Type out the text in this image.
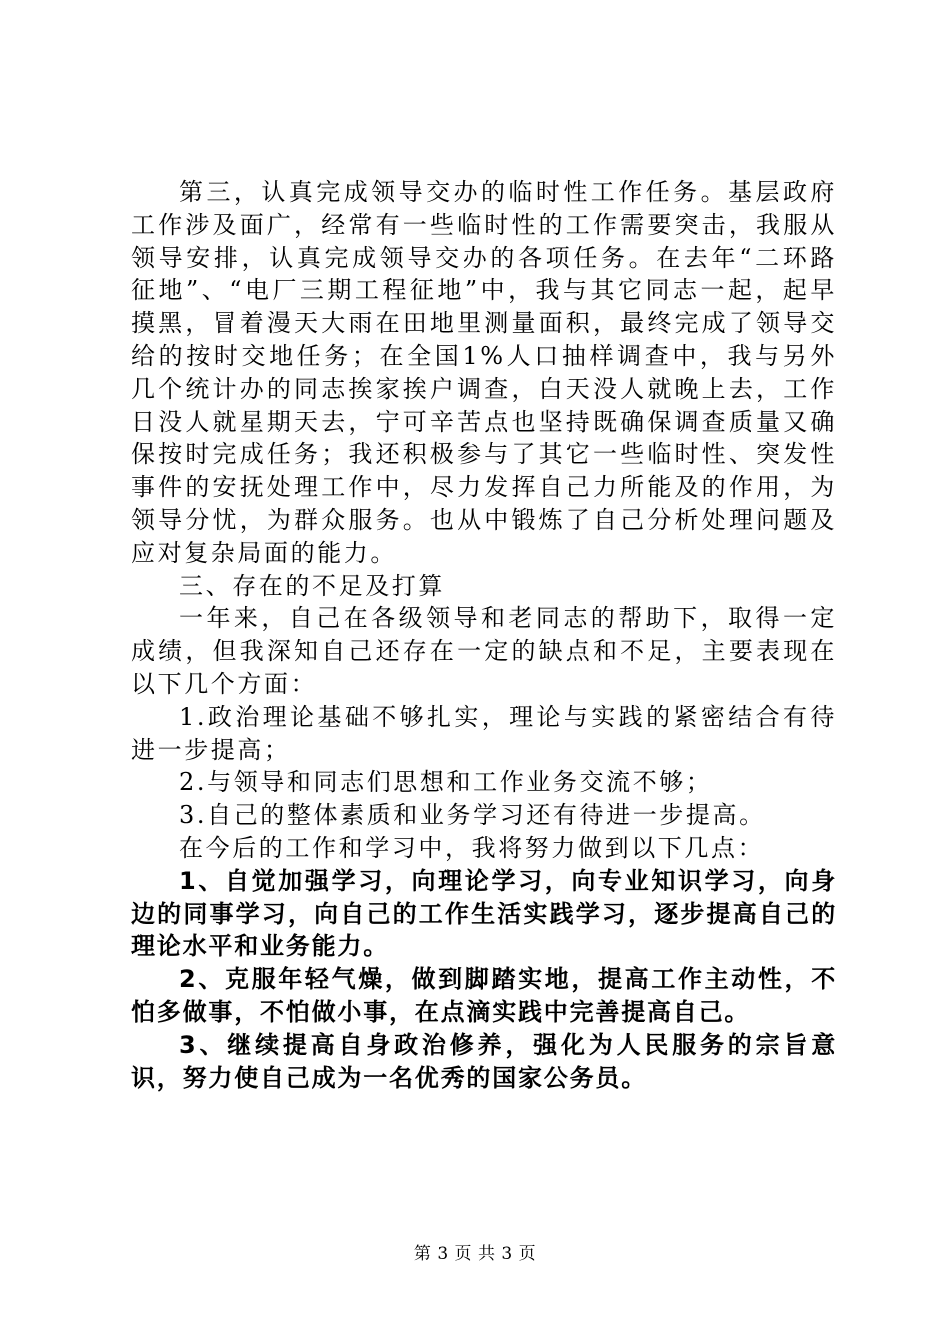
第三，认真完成领导交办的临时性工作任务。基层政府工作涉及面广，经常有一些临时性的工作需要突击，我服从领导安排，认真完成领导交办的各项任务。在去年“二环路征地”、“电厂三期工程征地”中，我与其它同志一起，起早摸黑，冒着漫天大雨在田地里测量面积，最终完成了领导交给的按时交地任务；在全国1%人口抽样调查中，我与另外几个统计办的同志挨家挨户调查，白天没人就晚上去，工作日没人就星期天去，宁可辛苦点也坚持既确保调查质量又确保按时完成任务；我还积极参与了其它一些临时性、突发性事件的安抚处理工作中，尽力发挥自己力所能及的作用，为领导分忧，为群众服务。也从中锻炼了自己分析处理问题及应对复杂局面的能力。

三、存在的不足及打算

一年来，自己在各级领导和老同志的帮助下，取得一定成绩，但我深知自己还存在一定的缺点和不足，主要表现在以下几个方面：

1.政治理论基础不够扎实，理论与实践的紧密结合有待进一步提高；

2.与领导和同志们思想和工作业务交流不够；

3.自己的整体素质和业务学习还有待进一步提高。

在今后的工作和学习中，我将努力做到以下几点：

1、自觉加强学习，向理论学习，向专业知识学习，向身边的同事学习，向自己的工作生活实践学习，逐步提高自己的理论水平和业务能力。

2、克服年轻气燥，做到脚踏实地，提高工作主动性，不怕多做事，不怕做小事，在点滴实践中完善提高自己。

3、继续提高自身政治修养，强化为人民服务的宗旨意识，努力使自己成为一名优秀的国家公务员。

第 3 页 共 3 页
